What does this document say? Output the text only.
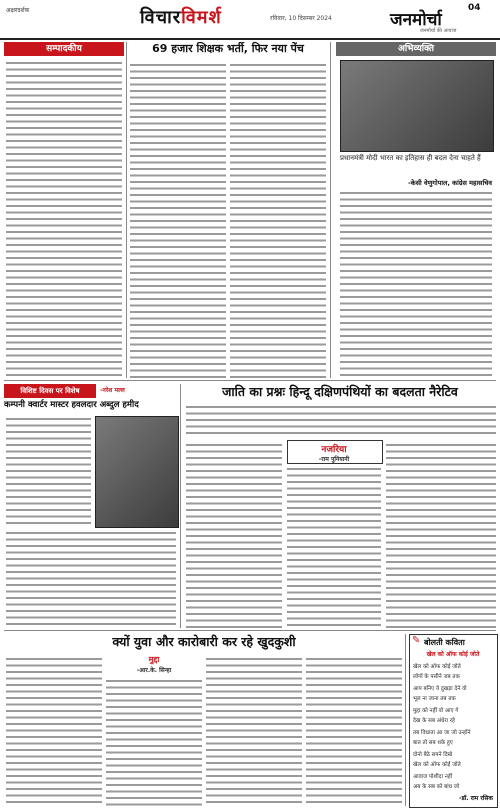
अक्षरदर्शक	विचारविमर्श	रविवार, 10 दिसम्बर 2024	जनमोर्चा
04
जनमोर्चा की आवाज
सम्पादकीय	69 हजार शिक्षक भर्ती, फिर नया पेंच	अभिव्यक्ति
प्रधानमंत्री मोदी भारत का इतिहास ही बदल देना चाहते हैं
-केसी वेणुगोपाल, कांग्रेस महासचिव
विशिष्ट दिवस पर विशेष	-नरेश मल्ल
कम्पनी क्वार्टर मास्टर हवलदार अब्दुल हमीद
जाति का प्रश्नः हिन्दू दक्षिणपंथियों का बदलता नैरेटिव
नजरिया
-राम पुनियानी
क्यों युवा और कारोबारी कर रहे खुदकुशी
मुद्दा
-आर.के. सिन्हा
✎ बोलती कविता
खेल को ऑफ कोई जोते
खेल को ऑफ कोई जोते
लोगों के पसीने जब तक
आप बनिए ये दुखड़ा देने वो
भूल ना जाना तब तक
मुद्दा को नहीं वो आए गे
देख के सब अंधेरा रहे
तब विधाता आ जा जो उन्होंने
बात तो सब थके हुए
दोनो बैठे सपने दिखे
खेल को ऑफ कोई जोते
आवाज पोशीदा नहीं
अब के सब को बांध जो
-डॉ. राम रसिक
